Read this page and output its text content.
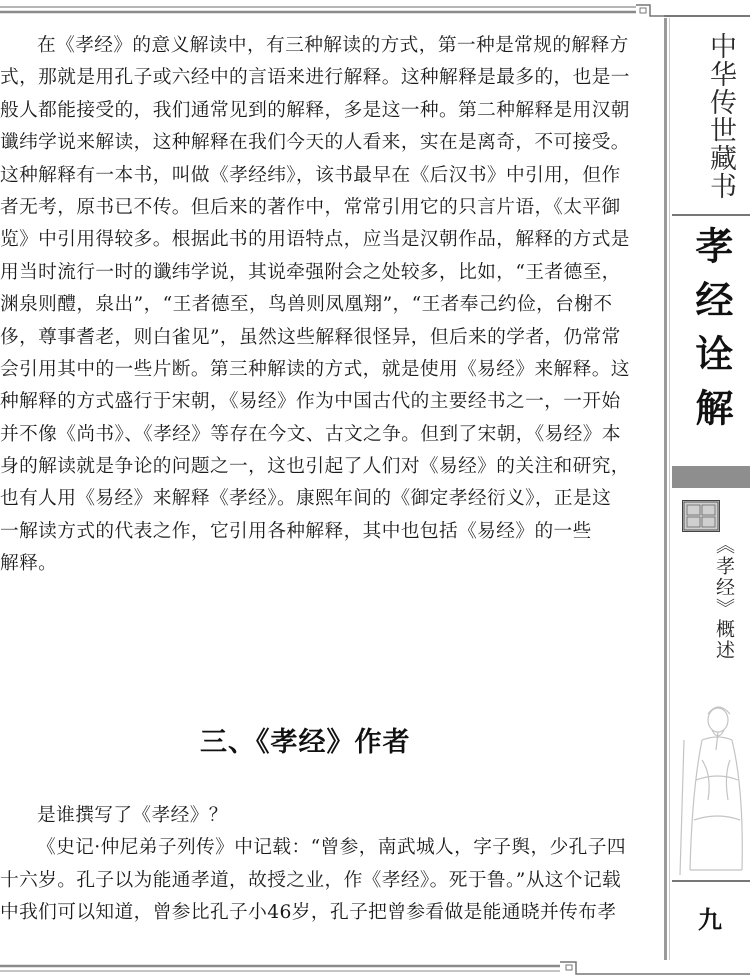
在《孝经》的意义解读中，有三种解读的方式，第一种是常规的解释方
式，那就是用孔子或六经中的言语来进行解释。这种解释是最多的，也是一
般人都能接受的，我们通常见到的解释，多是这一种。第二种解释是用汉朝
谶纬学说来解读，这种解释在我们今天的人看来，实在是离奇，不可接受。
这种解释有一本书，叫做《孝经纬》，该书最早在《后汉书》中引用，但作
者无考，原书已不传。但后来的著作中，常常引用它的只言片语，《太平御
览》中引用得较多。根据此书的用语特点，应当是汉朝作品，解释的方式是
用当时流行一时的谶纬学说，其说牵强附会之处较多，比如，“王者德至，
渊泉则醴，泉出”，“王者德至，鸟兽则凤凰翔”，“王者奉己约俭，台榭不
侈，尊事耆老，则白雀见”，虽然这些解释很怪异，但后来的学者，仍常常
会引用其中的一些片断。第三种解读的方式，就是使用《易经》来解释。这
种解释的方式盛行于宋朝，《易经》作为中国古代的主要经书之一，一开始
并不像《尚书》、《孝经》等存在今文、古文之争。但到了宋朝，《易经》本
身的解读就是争论的问题之一，这也引起了人们对《易经》的关注和研究，
也有人用《易经》来解释《孝经》。康熙年间的《御定孝经衍义》，正是这
一解读方式的代表之作，它引用各种解释，其中也包括《易经》的一些
解释。

三、《孝经》作者

是谁撰写了《孝经》？

《史记·仲尼弟子列传》中记载：“曾参，南武城人，字子舆，少孔子四
十六岁。孔子以为能通孝道，故授之业，作《孝经》。死于鲁。”从这个记载
中我们可以知道，曾参比孔子小46岁，孔子把曾参看做是能通晓并传布孝

中华传世藏书
孝经诠解
《孝经》概述
九
